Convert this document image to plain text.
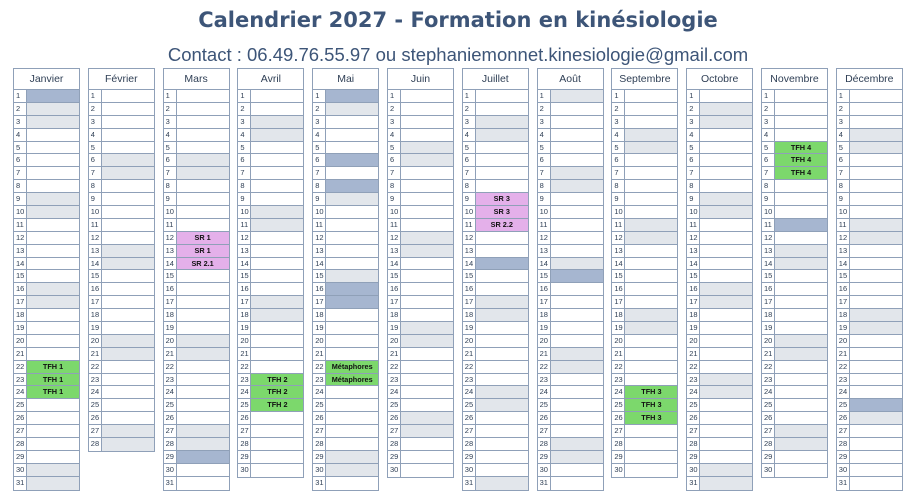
Calendrier 2027 - Formation en kinésiologie
Contact : 06.49.76.55.97 ou stephaniemonnet.kinesiologie@gmail.com
Janvier
1
2
3
4
5
6
7
8
9
10
11
12
13
14
15
16
17
18
19
20
21
22	TFH 1
23	TFH 1
24	TFH 1
25
26
27
28
29
30
31
Février
1
2
3
4
5
6
7
8
9
10
11
12
13
14
15
16
17
18
19
20
21
22
23
24
25
26
27
28
Mars
1
2
3
4
5
6
7
8
9
10
11
12	SR 1
13	SR 1
14	SR 2.1
15
16
17
18
19
20
21
22
23
24
25
26
27
28
29
30
31
Avril
1
2
3
4
5
6
7
8
9
10
11
12
13
14
15
16
17
18
19
20
21
22
23	TFH 2
24	TFH 2
25	TFH 2
26
27
28
29
30
Mai
1
2
3
4
5
6
7
8
9
10
11
12
13
14
15
16
17
18
19
20
21
22	Métaphores
23	Métaphores
24
25
26
27
28
29
30
31
Juin
1
2
3
4
5
6
7
8
9
10
11
12
13
14
15
16
17
18
19
20
21
22
23
24
25
26
27
28
29
30
Juillet
1
2
3
4
5
6
7
8
9	SR 3
10	SR 3
11	SR 2.2
12
13
14
15
16
17
18
19
20
21
22
23
24
25
26
27
28
29
30
31
Août
1
2
3
4
5
6
7
8
9
10
11
12
13
14
15
16
17
18
19
20
21
22
23
24
25
26
27
28
29
30
31
Septembre
1
2
3
4
5
6
7
8
9
10
11
12
13
14
15
16
17
18
19
20
21
22
23
24	TFH 3
25	TFH 3
26	TFH 3
27
28
29
30
Octobre
1
2
3
4
5
6
7
8
9
10
11
12
13
14
15
16
17
18
19
20
21
22
23
24
25
26
27
28
29
30
31
Novembre
1
2
3
4
5	TFH 4
6	TFH 4
7	TFH 4
8
9
10
11
12
13
14
15
16
17
18
19
20
21
22
23
24
25
26
27
28
29
30
Décembre
1
2
3
4
5
6
7
8
9
10
11
12
13
14
15
16
17
18
19
20
21
22
23
24
25
26
27
28
29
30
31
